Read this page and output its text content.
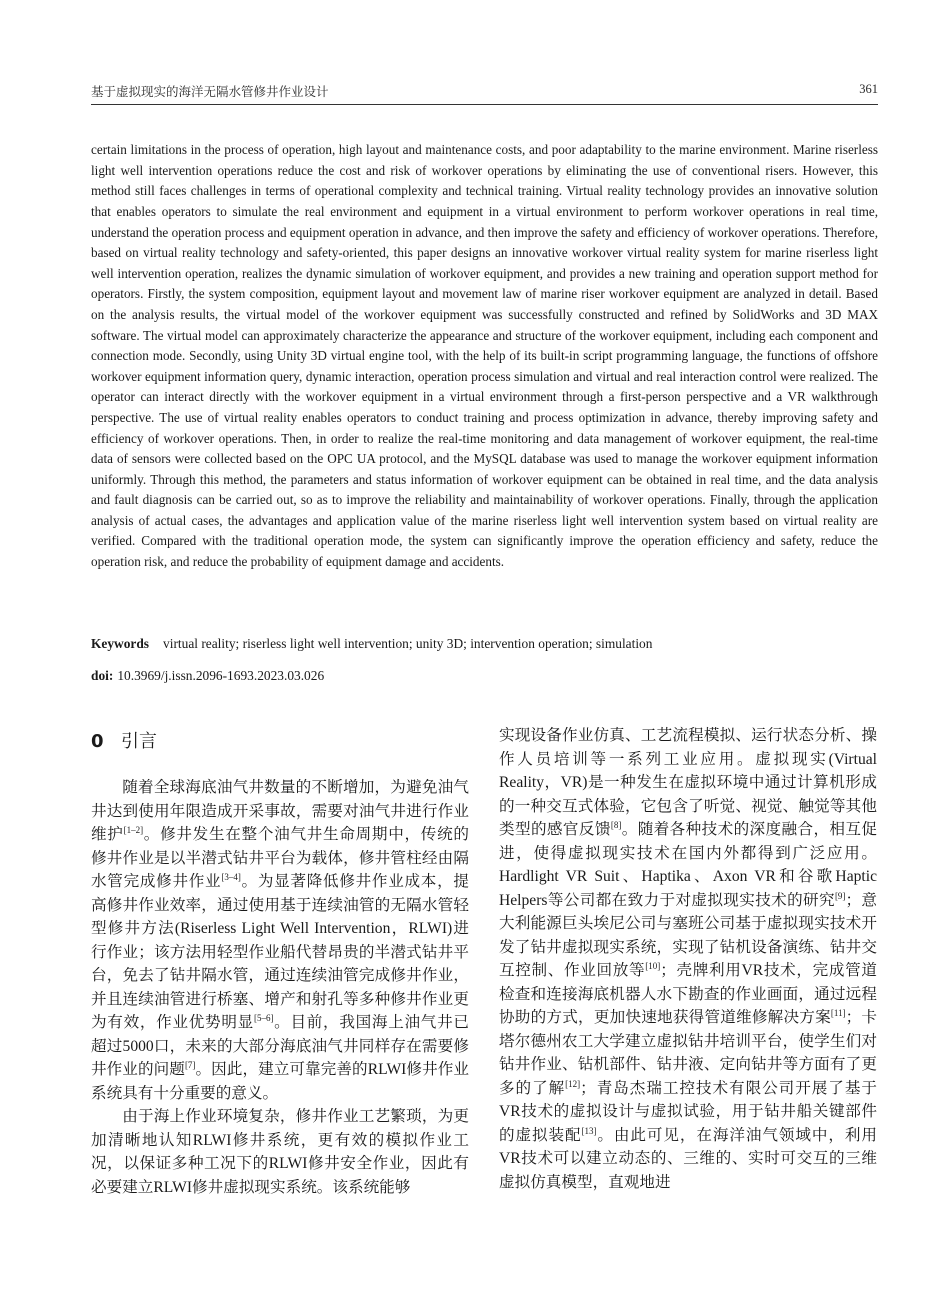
基于虚拟现实的海洋无隔水管修井作业设计	361

certain limitations in the process of operation, high layout and maintenance costs, and poor adaptability to the marine environment. Marine riserless light well intervention operations reduce the cost and risk of workover operations by eliminating the use of conventional risers. However, this method still faces challenges in terms of operational complexity and technical training. Virtual reality technology provides an innovative solution that enables operators to simulate the real environment and equipment in a virtual environment to perform workover operations in real time, understand the operation process and equipment operation in advance, and then improve the safety and efficiency of workover operations. Therefore, based on virtual reality technology and safety-oriented, this paper designs an innovative workover virtual reality system for marine riserless light well intervention operation, realizes the dynamic simulation of workover equipment, and provides a new training and operation support method for operators. Firstly, the system composition, equipment layout and movement law of marine riser workover equipment are analyzed in detail. Based on the analysis results, the virtual model of the workover equipment was successfully constructed and refined by SolidWorks and 3D MAX software. The virtual model can approximately characterize the appearance and structure of the workover equipment, including each component and connection mode. Secondly, using Unity 3D virtual engine tool, with the help of its built-in script programming language, the functions of offshore workover equipment information query, dynamic interaction, operation process simulation and virtual and real interaction control were realized. The operator can interact directly with the workover equipment in a virtual environment through a first-person perspective and a VR walkthrough perspective. The use of virtual reality enables operators to conduct training and process optimization in advance, thereby improving safety and efficiency of workover operations. Then, in order to realize the real-time monitoring and data management of workover equipment, the real-time data of sensors were collected based on the OPC UA protocol, and the MySQL database was used to manage the workover equipment information uniformly. Through this method, the parameters and status information of workover equipment can be obtained in real time, and the data analysis and fault diagnosis can be carried out, so as to improve the reliability and maintainability of workover operations. Finally, through the application analysis of actual cases, the advantages and application value of the marine riserless light well intervention system based on virtual reality are verified. Compared with the traditional operation mode, the system can significantly improve the operation efficiency and safety, reduce the operation risk, and reduce the probability of equipment damage and accidents.

Keywords virtual reality; riserless light well intervention; unity 3D; intervention operation; simulation
doi: 10.3969/j.issn.2096-1693.2023.03.026
0 引言

随着全球海底油气井数量的不断增加，为避免油气井达到使用年限造成开采事故，需要对油气井进行作业维护[1–2]。修井发生在整个油气井生命周期中，传统的修井作业是以半潜式钻井平台为载体，修井管柱经由隔水管完成修井作业[3–4]。为显著降低修井作业成本，提高修井作业效率，通过使用基于连续油管的无隔水管轻型修井方法(Riserless Light Well Intervention，RLWI)进行作业；该方法用轻型作业船代替昂贵的半潜式钻井平台，免去了钻井隔水管，通过连续油管完成修井作业，并且连续油管进行桥塞、增产和射孔等多种修井作业更为有效，作业优势明显[5–6]。目前，我国海上油气井已超过5000口，未来的大部分海底油气井同样存在需要修井作业的问题[7]。因此，建立可靠完善的RLWI修井作业系统具有十分重要的意义。

由于海上作业环境复杂，修井作业工艺繁琐，为更加清晰地认知RLWI修井系统，更有效的模拟作业工况，以保证多种工况下的RLWI修井安全作业，因此有必要建立RLWI修井虚拟现实系统。该系统能够

实现设备作业仿真、工艺流程模拟、运行状态分析、操作人员培训等一系列工业应用。虚拟现实(Virtual Reality，VR)是一种发生在虚拟环境中通过计算机形成的一种交互式体验，它包含了听觉、视觉、触觉等其他类型的感官反馈[8]。随着各种技术的深度融合，相互促进，使得虚拟现实技术在国内外都得到广泛应用。Hardlight VR Suit、Haptika、Axon VR和谷歌Haptic Helpers等公司都在致力于对虚拟现实技术的研究[9]；意大利能源巨头埃尼公司与塞班公司基于虚拟现实技术开发了钻井虚拟现实系统，实现了钻机设备演练、钻井交互控制、作业回放等[10]；壳牌利用VR技术，完成管道检查和连接海底机器人水下勘查的作业画面，通过远程协助的方式，更加快速地获得管道维修解决方案[11]；卡塔尔德州农工大学建立虚拟钻井培训平台，使学生们对钻井作业、钻机部件、钻井液、定向钻井等方面有了更多的了解[12]；青岛杰瑞工控技术有限公司开展了基于VR技术的虚拟设计与虚拟试验，用于钻井船关键部件的虚拟装配[13]。由此可见，在海洋油气领域中，利用VR技术可以建立动态的、三维的、实时可交互的三维虚拟仿真模型，直观地进
